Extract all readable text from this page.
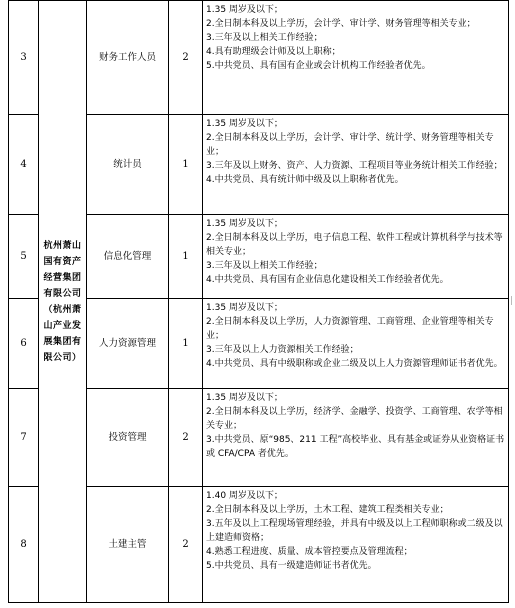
3	杭州萧山国有资产经营集团有限公司（杭州萧山产业发展集团有限公司）	财务工作人员	2	1.35 周岁及以下；
2.全日制本科及以上学历，会计学、审计学、财务管理等相关专业；
3.三年及以上相关工作经验；
4.具有助理级会计师及以上职称；
5.中共党员、具有国有企业或会计机构工作经验者优先。

4		统计员	1	1.35 周岁及以下；
2.全日制本科及以上学历，会计学、审计学、统计学、财务管理等相关专业；
3.三年及以上财务、资产、人力资源、工程项目等业务统计相关工作经验；
4.中共党员、具有统计师中级及以上职称者优先。

5		信息化管理	1	1.35 周岁及以下；
2.全日制本科及以上学历，电子信息工程、软件工程或计算机科学与技术等相关专业；
3.三年及以上相关工作经验；
4.中共党员、具有国有企业信息化建设相关工作经验者优先。

6		人力资源管理	1	1.35 周岁及以下；
2.全日制本科及以上学历，人力资源管理、工商管理、企业管理等相关专业；
3.三年及以上人力资源相关工作经验；
4.中共党员、具有中级职称或企业二级及以上人力资源管理师证书者优先。

7		投资管理	2	1.35 周岁及以下；
2.全日制本科及以上学历，经济学、金融学、投资学、工商管理、农学等相关专业；
3.中共党员、原“985、211 工程”高校毕业、具有基金或证券从业资格证书或 CFA/CPA 者优先。

8		土建主管	2	1.40 周岁及以下；
2.全日制本科及以上学历，土木工程、建筑工程类相关专业；
3.五年及以上工程现场管理经验，并具有中级及以上工程师职称或二级及以上建造师资格；
4.熟悉工程进度、质量、成本管控要点及管理流程；
5.中共党员、具有一级建造师证书者优先。
